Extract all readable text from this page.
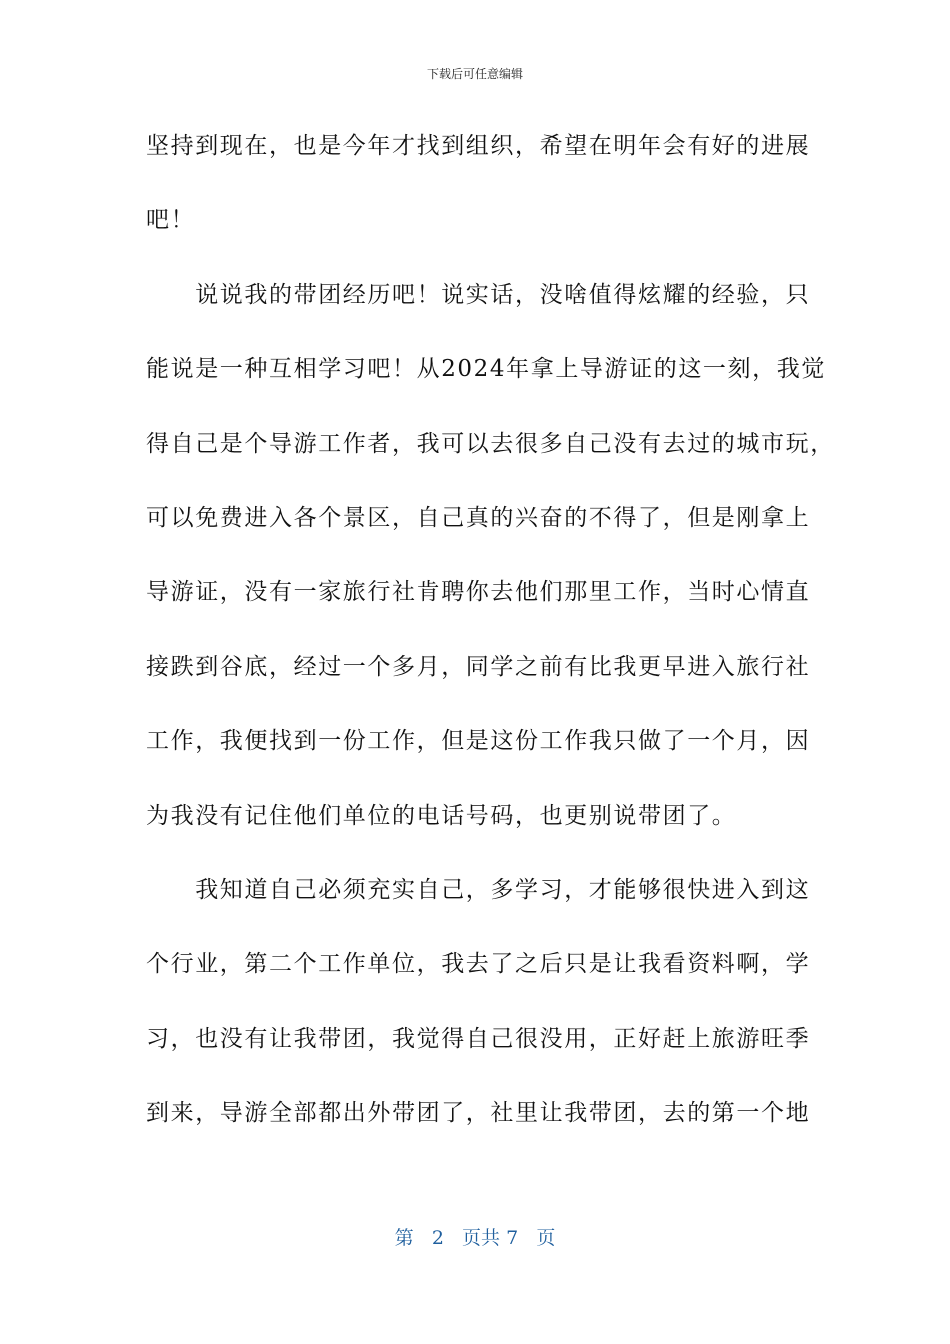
下载后可任意编辑
坚持到现在，也是今年才找到组织，希望在明年会有好的进展
吧！
　　说说我的带团经历吧！说实话，没啥值得炫耀的经验，只
能说是一种互相学习吧！从2024年拿上导游证的这一刻，我觉
得自己是个导游工作者，我可以去很多自己没有去过的城市玩，
可以免费进入各个景区，自己真的兴奋的不得了，但是刚拿上
导游证，没有一家旅行社肯聘你去他们那里工作，当时心情直
接跌到谷底，经过一个多月，同学之前有比我更早进入旅行社
工作，我便找到一份工作，但是这份工作我只做了一个月，因
为我没有记住他们单位的电话号码，也更别说带团了。
　　我知道自己必须充实自己，多学习，才能够很快进入到这
个行业，第二个工作单位，我去了之后只是让我看资料啊，学
习，也没有让我带团，我觉得自己很没用，正好赶上旅游旺季
到来，导游全部都出外带团了，社里让我带团，去的第一个地
第 2 页共 7 页
